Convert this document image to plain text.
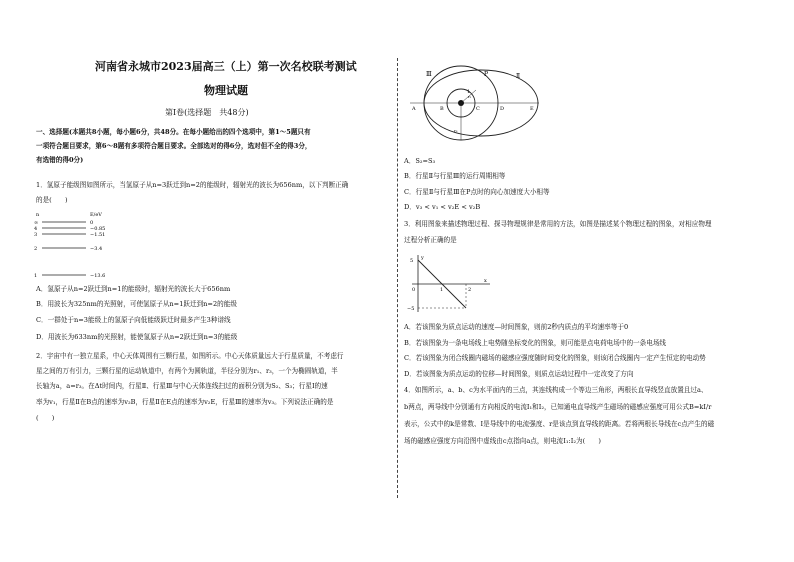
河南省永城市2023届高三（上）第一次名校联考测试
物理试题
第Ⅰ卷(选择题　共48分)
一、选择题(本题共8小题，每小题6分，共48分。在每小题给出的四个选项中，第1～5题只有
一项符合题目要求，第6～8题有多项符合题目要求。全部选对的得6分，选对但不全的得3分，
有选错的得0分)
1．氢原子能级图如图所示，当氢原子从n=3跃迁到n=2的能级时，辐射光的波长为656nm，以下判断正确
的是(　　)
n	E/eV
∞	0
4	−0.85
3	−1.51
2	−3.4
1	−13.6
A．氢原子从n=2跃迁到n=1的能级时，辐射光的波长大于656nm
B．用波长为325nm的光照射，可使氢原子从n=1跃迁到n=2的能级
C．一群处于n=3能级上的氢原子向低能级跃迁时最多产生3种谱线
D．用波长为633nm的光照射，能使氢原子从n=2跃迁到n=3的能级
2．宇宙中有一独立星系，中心天体周围有三颗行星，如图所示。中心天体质量远大于行星质量，不考虑行
星之间的万有引力，三颗行星的运动轨道中，有两个为圆轨道，半径分别为r₁、r₃，一个为椭圆轨道，半
长轴为a，a=r₃。在Δt时间内，行星Ⅱ、行星Ⅲ与中心天体连线扫过的面积分别为S₂、S₃；行星Ⅰ的速
率为v₁，行星Ⅱ在B点的速率为v₂B，行星Ⅱ在E点的速率为v₂E，行星Ⅲ的速率为v₃。下列说法正确的是
(　　)
Ⅲ	P	Ⅱ
1
A	B	C	D	E
r₁
r₃
A．S₂=S₃
B．行星Ⅱ与行星Ⅲ的运行周期相等
C．行星Ⅱ与行星Ⅲ在P点时的向心加速度大小相等
D．v₃ < v₁ < v₂E < v₂B
3．利用图象来描述物理过程、探寻物理规律是常用的方法，如图是描述某个物理过程的图象，对相应物理
过程分析正确的是
y
x
5
0	1	2
−5
A．若该图象为质点运动的速度—时间图象，则前2秒内质点的平均速率等于0
B．若该图象为一条电场线上电势随坐标变化的图象，则可能是点电荷电场中的一条电场线
C．若该图象为闭合线圈内磁场的磁感应强度随时间变化的图象，则该闭合线圈内一定产生恒定的电动势
D．若该图象为质点运动的位移—时间图象，则质点运动过程中一定改变了方向
4．如图所示，a、b、c为水平面内的三点，其连线构成一个等边三角形，两根长直导线竖直放置且过a、
b两点，两导线中分别通有方向相反的电流I₁和I₂，已知通电直导线产生磁场的磁感应强度可用公式B=kI/r
表示，公式中的k是常数、I是导线中的电流强度、r是该点到直导线的距离。若将两根长导线在c点产生的磁
场的磁感应强度方向沿图中虚线由c点指向a点，则电流I₁:I₂为(　　)
